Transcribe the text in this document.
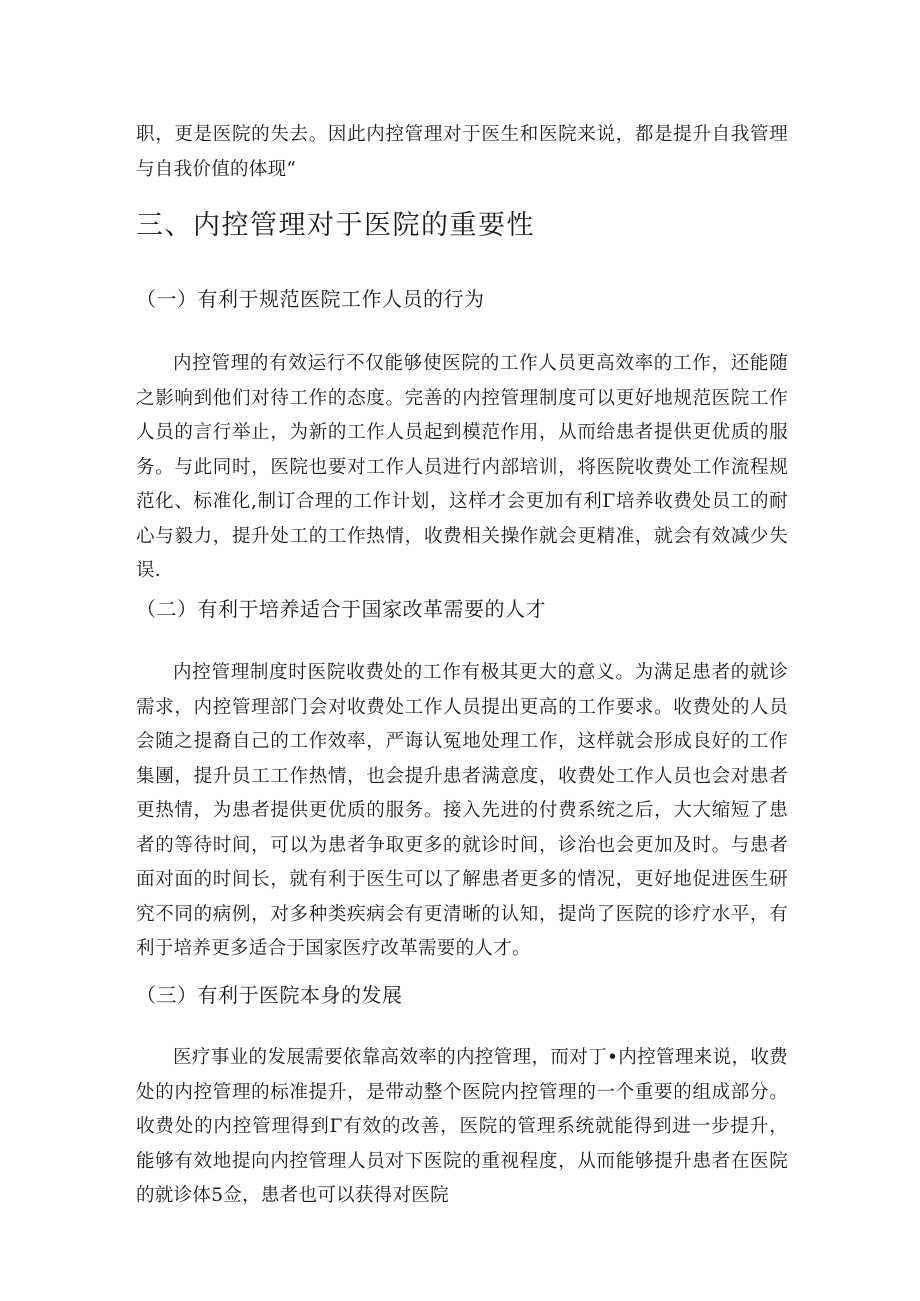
职，更是医院的失去。因此内控管理对于医生和医院来说，都是提升自我管理与自我价值的体现“

三、内控管理对于医院的重要性
（一）有利于规范医院工作人员的行为

内控管理的有效运行不仅能够使医院的工作人员更高效率的工作，还能随之影响到他们对待工作的态度。完善的内控管理制度可以更好地规范医院工作人员的言行举止，为新的工作人员起到模范作用，从而给患者提供更优质的服务。与此同时，医院也要对工作人员进行内部培训，将医院收费处工作流程规范化、标准化,制订合理的工作计划，这样才会更加有利Γ培养收费处员工的耐心与毅力，提升处工的工作热情，收费相关操作就会更精准，就会有效减少失误.

（二）有利于培养适合于国家改革需要的人才

内控管理制度时医院收费处的工作有极其更大的意义。为满足患者的就诊需求，内控管理部门会对收费处工作人员提出更高的工作要求。收费处的人员会随之提裔自己的工作效率，严诲认冤地处理工作，这样就会形成良好的工作集團，提升员工工作热情，也会提升患者满意度，收费处工作人员也会对患者更热情，为患者提供更优质的服务。接入先进的付费系统之后，大大缩短了患者的等待时间，可以为患者争取更多的就诊时间，诊治也会更加及时。与患者面对面的时间长，就有利于医生可以了解患者更多的情况，更好地促进医生研究不同的病例，对多种类疾病会有更清晰的认知，提尚了医院的诊疗水平，有利于培养更多适合于国家医疗改革需要的人才。

（三）有利于医院本身的发展

医疗事业的发展需要依靠高效率的内控管理，而对丁•内控管理来说，收费处的内控管理的标准提升，是带动整个医院内控管理的一个重要的组成部分。收费处的内控管理得到Γ有效的改善，医院的管理系统就能得到进一步提升，能够有效地提向内控管理人员对下医院的重视程度，从而能够提升患者在医院的就诊体5佥，患者也可以获得对医院
